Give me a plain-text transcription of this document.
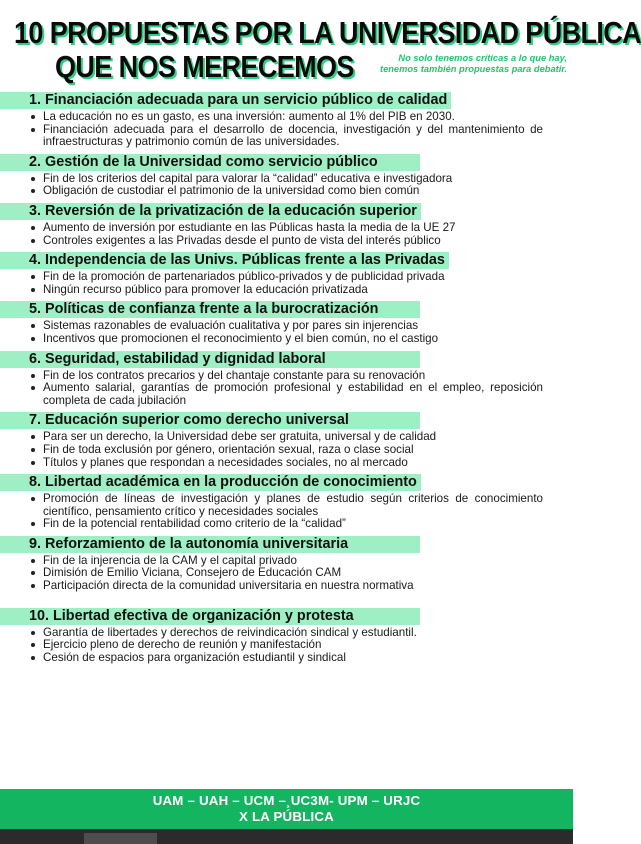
10 PROPUESTAS POR LA UNIVERSIDAD PÚBLICA
QUE NOS MERECEMOS	No solo tenemos críticas a lo que hay,
tenemos también propuestas para debatir.
1. Financiación adecuada para un servicio público de calidad
La educación no es un gasto, es una inversión: aumento al 1% del PIB en 2030.
Financiación adecuada para el desarrollo de docencia, investigación y del mantenimiento de infraestructuras y patrimonio común de las universidades.
2. Gestión de la Universidad como servicio público
Fin de los criterios del capital para valorar la “calidad” educativa e investigadora
Obligación de custodiar el patrimonio de la universidad como bien común
3. Reversión de la privatización de la educación superior
Aumento de inversión por estudiante en las Públicas hasta la media de la UE 27
Controles exigentes a las Privadas desde el punto de vista del interés público
4. Independencia de las Univs. Públicas frente a las Privadas
Fin de la promoción de partenariados público-privados y de publicidad privada
Ningún recurso público para promover la educación privatizada
5. Políticas de confianza frente a la burocratización
Sistemas razonables de evaluación cualitativa y por pares sin injerencias
Incentivos que promocionen el reconocimiento y el bien común, no el castigo
6. Seguridad, estabilidad y dignidad laboral
Fin de los contratos precarios y del chantaje constante para su renovación
Aumento salarial, garantías de promoción profesional y estabilidad en el empleo, reposición completa de cada jubilación
7. Educación superior como derecho universal
Para ser un derecho, la Universidad debe ser gratuita, universal y de calidad
Fin de toda exclusión por género, orientación sexual, raza o clase social
Títulos y planes que respondan a necesidades sociales, no al mercado
8. Libertad académica en la producción de conocimiento
Promoción de líneas de investigación y planes de estudio según criterios de conocimiento científico, pensamiento crítico y necesidades sociales
Fin de la potencial rentabilidad como criterio de la “calidad”
9. Reforzamiento de la autonomía universitaria
Fin de la injerencia de la CAM y el capital privado
Dimisión de Emilio Viciana, Consejero de Educación CAM
Participación directa de la comunidad universitaria en nuestra normativa
10. Libertad efectiva de organización y protesta
Garantía de libertades y derechos de reivindicación sindical y estudiantil.
Ejercicio pleno de derecho de reunión y manifestación
Cesión de espacios para organización estudiantil y sindical
UAM – UAH – UCM –¸UC3M- UPM – URJC
X LA PÚBLICA
